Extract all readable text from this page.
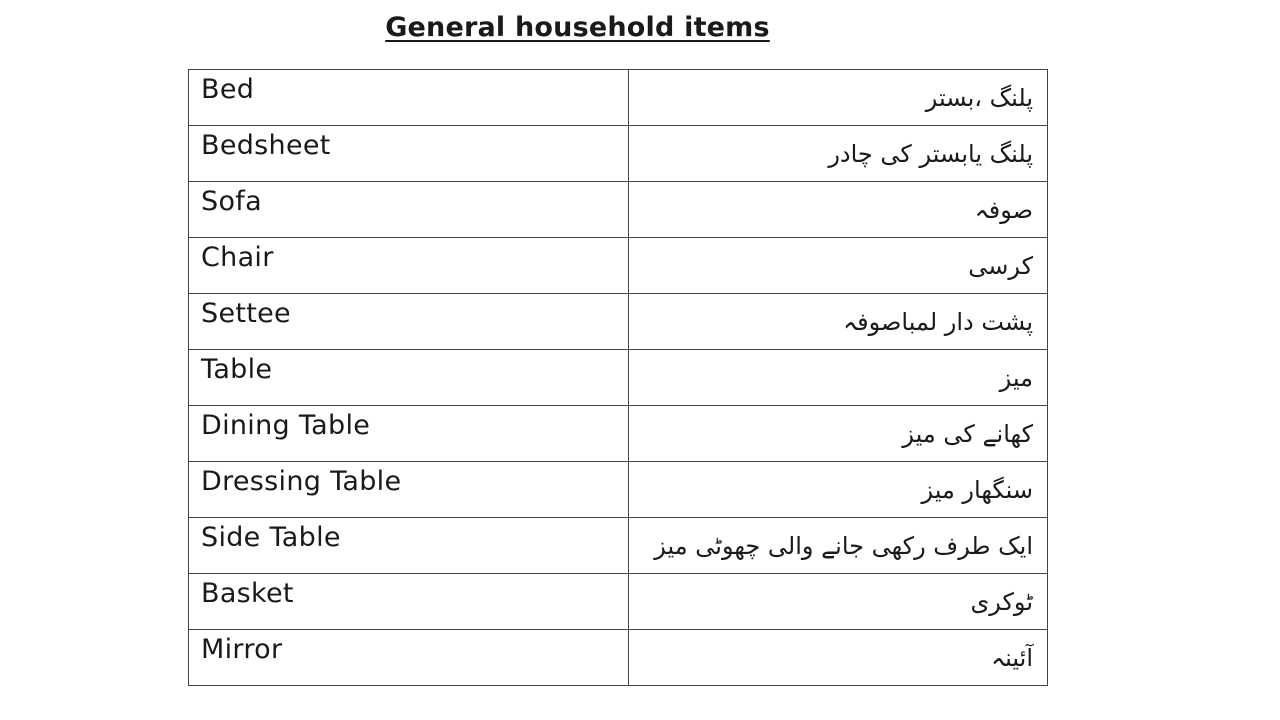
General household items
Bed	پلنگ ،بستر
Bedsheet	پلنگ یابستر کی چادر
Sofa	صوفہ
Chair	کرسی
Settee	پشت دار لمباصوفہ
Table	میز
Dining Table	کھانے کی میز
Dressing Table	سنگھار میز
Side Table	ایک طرف رکھی جانے والی چھوٹی میز
Basket	ٹوکری
Mirror	آئینہ
